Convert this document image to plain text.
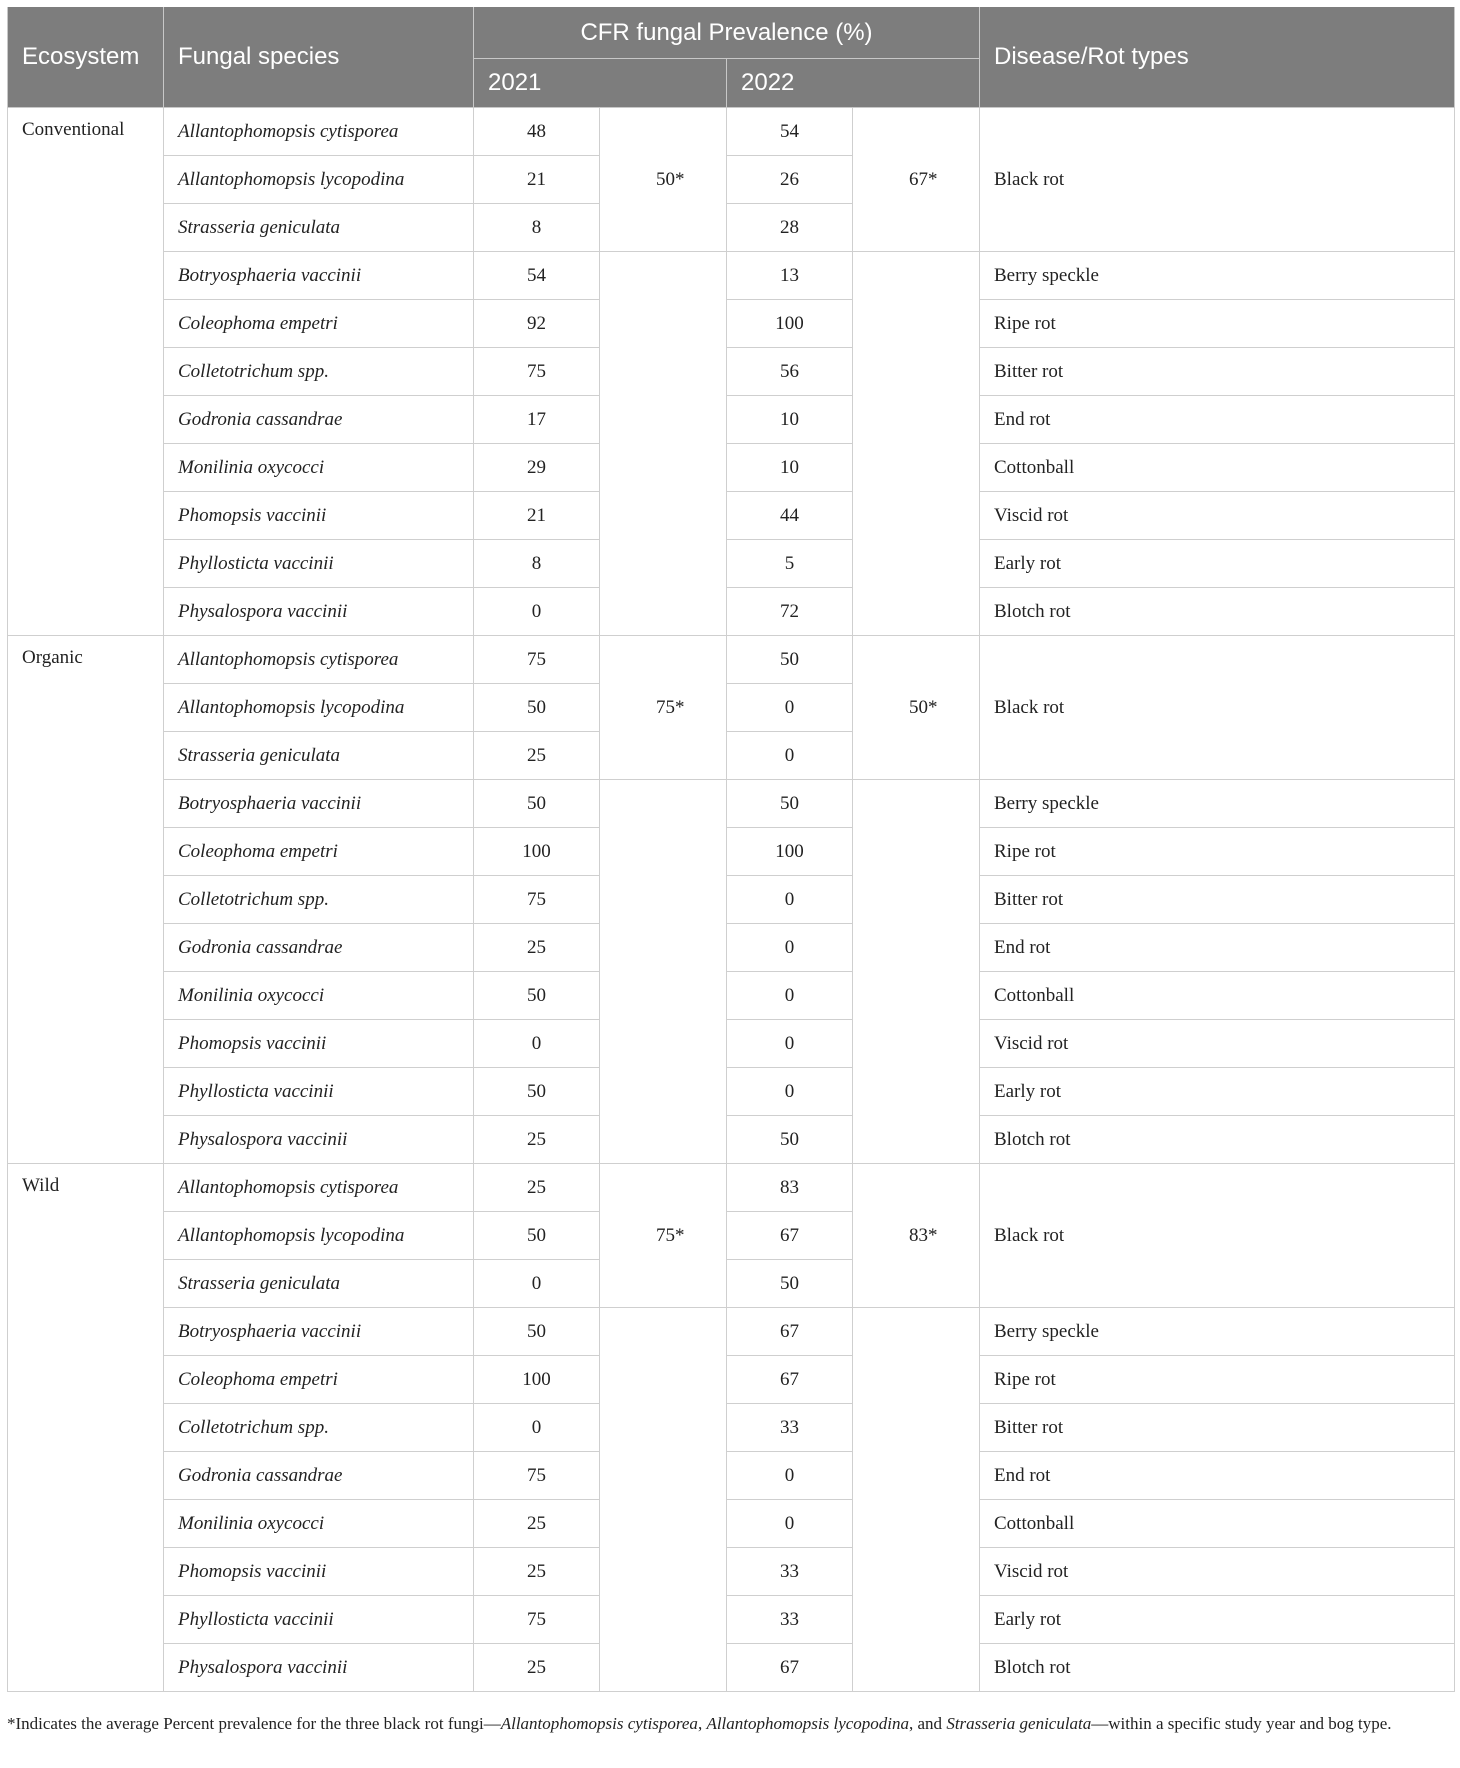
Ecosystem	Fungal species	CFR fungal Prevalence (%)				Disease/Rot types
		2021		2022		
Conventional	Allantophomopsis cytisporea	48	50*	54	67*	Black rot
	Allantophomopsis lycopodina	21		26		
	Strasseria geniculata	8		28		
	Botryosphaeria vaccinii	54		13		Berry speckle
	Coleophoma empetri	92		100		Ripe rot
	Colletotrichum spp.	75		56		Bitter rot
	Godronia cassandrae	17		10		End rot
	Monilinia oxycocci	29		10		Cottonball
	Phomopsis vaccinii	21		44		Viscid rot
	Phyllosticta vaccinii	8		5		Early rot
	Physalospora vaccinii	0		72		Blotch rot
Organic	Allantophomopsis cytisporea	75	75*	50	50*	Black rot
	Allantophomopsis lycopodina	50		0		
	Strasseria geniculata	25		0		
	Botryosphaeria vaccinii	50		50		Berry speckle
	Coleophoma empetri	100		100		Ripe rot
	Colletotrichum spp.	75		0		Bitter rot
	Godronia cassandrae	25		0		End rot
	Monilinia oxycocci	50		0		Cottonball
	Phomopsis vaccinii	0		0		Viscid rot
	Phyllosticta vaccinii	50		0		Early rot
	Physalospora vaccinii	25		50		Blotch rot
Wild	Allantophomopsis cytisporea	25	75*	83	83*	Black rot
	Allantophomopsis lycopodina	50		67		
	Strasseria geniculata	0		50		
	Botryosphaeria vaccinii	50		67		Berry speckle
	Coleophoma empetri	100		67		Ripe rot
	Colletotrichum spp.	0		33		Bitter rot
	Godronia cassandrae	75		0		End rot
	Monilinia oxycocci	25		0		Cottonball
	Phomopsis vaccinii	25		33		Viscid rot
	Phyllosticta vaccinii	75		33		Early rot
	Physalospora vaccinii	25		67		Blotch rot
*Indicates the average Percent prevalence for the three black rot fungi—Allantophomopsis cytisporea, Allantophomopsis lycopodina, and Strasseria geniculata—within a specific study year and bog type.
